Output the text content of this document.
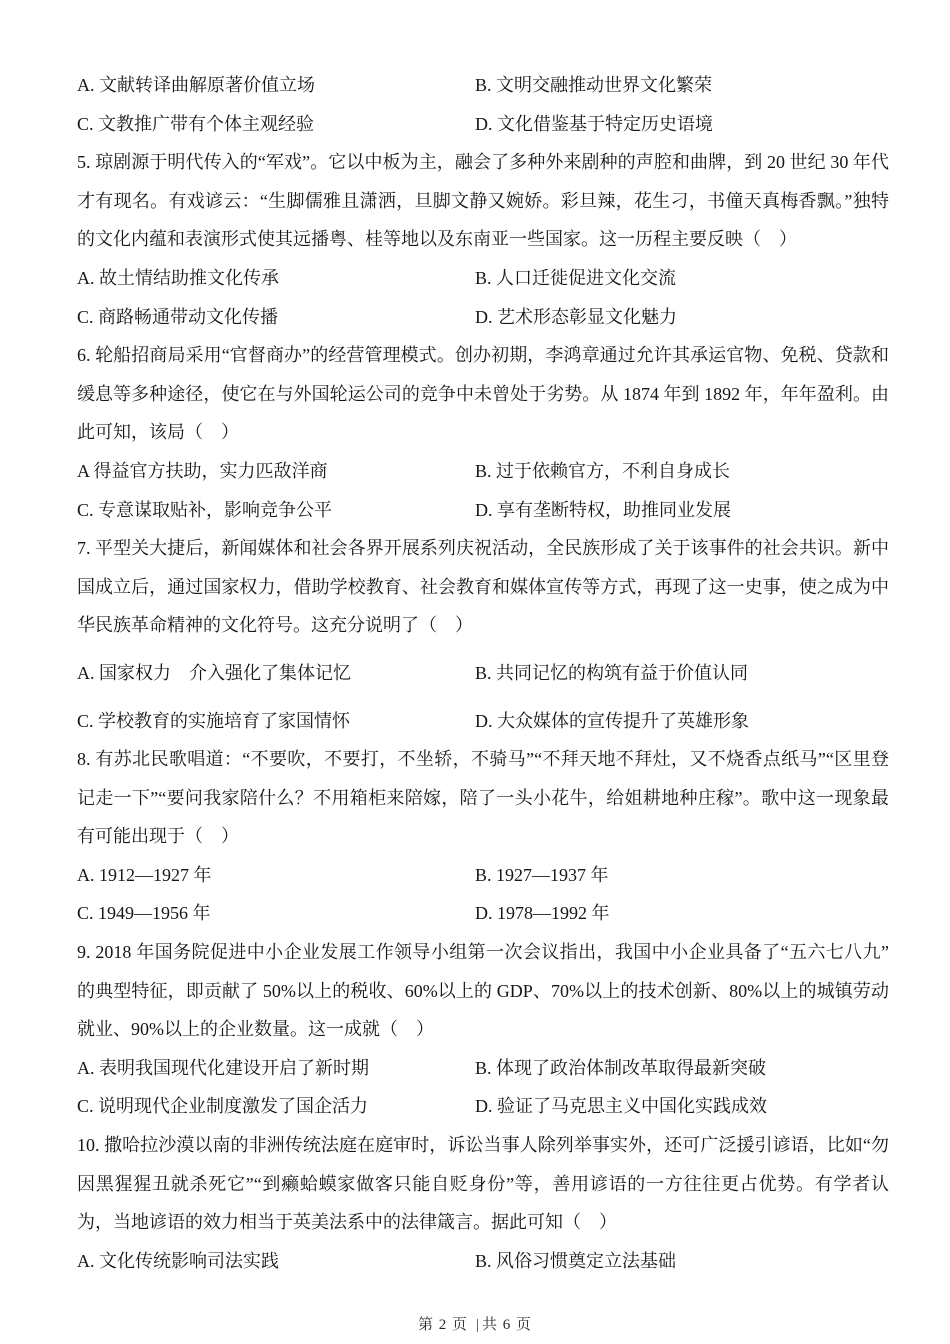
A. 文献转译曲解原著价值立场	B. 文明交融推动世界文化繁荣
C. 文教推广带有个体主观经验	D. 文化借鉴基于特定历史语境

5. 琼剧源于明代传入的“军戏”。它以中板为主，融会了多种外来剧种的声腔和曲牌，到 20 世纪 30 年代才有现名。有戏谚云：“生脚儒雅且潇洒，旦脚文静又婉娇。彩旦辣，花生刁，书僮天真梅香飘。”独特的文化内蕴和表演形式使其远播粤、桂等地以及东南亚一些国家。这一历程主要反映（　）

A. 故土情结助推文化传承	B. 人口迁徙促进文化交流
C. 商路畅通带动文化传播	D. 艺术形态彰显文化魅力

6. 轮船招商局采用“官督商办”的经营管理模式。创办初期，李鸿章通过允许其承运官物、免税、贷款和缓息等多种途径，使它在与外国轮运公司的竞争中未曾处于劣势。从 1874 年到 1892 年，年年盈利。由此可知，该局（　）

A 得益官方扶助，实力匹敌洋商	B. 过于依赖官方，不利自身成长
C. 专意谋取贴补，影响竞争公平	D. 享有垄断特权，助推同业发展

7. 平型关大捷后，新闻媒体和社会各界开展系列庆祝活动，全民族形成了关于该事件的社会共识。新中国成立后，通过国家权力，借助学校教育、社会教育和媒体宣传等方式，再现了这一史事，使之成为中华民族革命精神的文化符号。这充分说明了（　）

A. 国家权力　介入强化了集体记忆	B. 共同记忆的构筑有益于价值认同
C. 学校教育的实施培育了家国情怀	D. 大众媒体的宣传提升了英雄形象

8. 有苏北民歌唱道：“不要吹，不要打，不坐轿，不骑马”“不拜天地不拜灶，又不烧香点纸马”“区里登记走一下”“要问我家陪什么？不用箱柜来陪嫁，陪了一头小花牛，给姐耕地种庄稼”。歌中这一现象最有可能出现于（　）

A. 1912—1927 年	B. 1927—1937 年
C. 1949—1956 年	D. 1978—1992 年

9. 2018 年国务院促进中小企业发展工作领导小组第一次会议指出，我国中小企业具备了“五六七八九”的典型特征，即贡献了 50%以上的税收、60%以上的 GDP、70%以上的技术创新、80%以上的城镇劳动就业、90%以上的企业数量。这一成就（　）

A. 表明我国现代化建设开启了新时期	B. 体现了政治体制改革取得最新突破
C. 说明现代企业制度激发了国企活力	D. 验证了马克思主义中国化实践成效

10. 撒哈拉沙漠以南的非洲传统法庭在庭审时，诉讼当事人除列举事实外，还可广泛援引谚语，比如“勿因黑猩猩丑就杀死它”“到癞蛤蟆家做客只能自贬身份”等，善用谚语的一方往往更占优势。有学者认为，当地谚语的效力相当于英美法系中的法律箴言。据此可知（　）

A. 文化传统影响司法实践	B. 风俗习惯奠定立法基础
第 2 页 | 共 6 页
